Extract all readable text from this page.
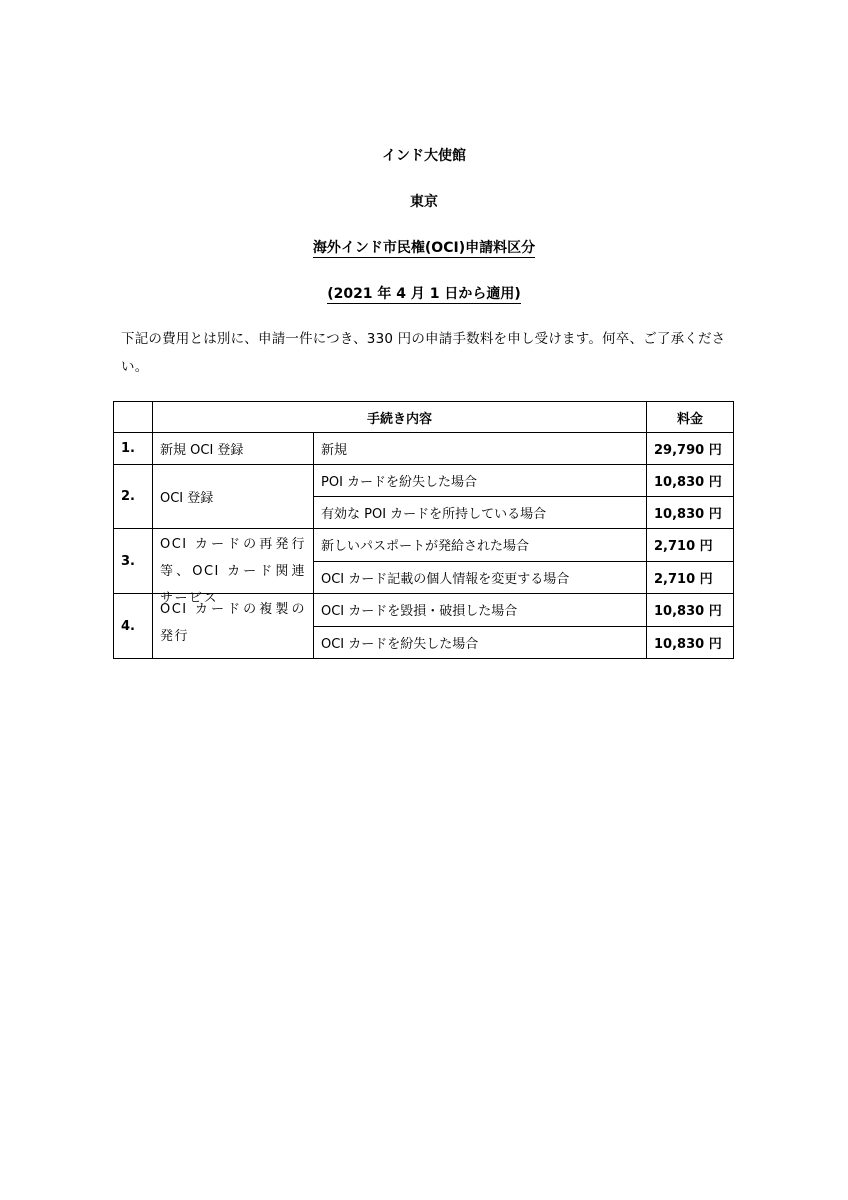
インド大使館
東京
海外インド市民権(OCI)申請料区分
(2021 年 4 月 1 日から適用)
下記の費用とは別に、申請一件につき、330 円の申請手数料を申し受けます。何卒、ご了承ください。
	手続き内容		料金
1.	新規 OCI 登録	新規	29,790 円
2.	OCI 登録	POI カードを紛失した場合	10,830 円
		有効な POI カードを所持している場合	10,830 円
3.	OCI カードの再発行等、OCI カード関連サービス	新しいパスポートが発給された場合	2,710 円
		OCI カード記載の個人情報を変更する場合	2,710 円
4.	OCI カードの複製の発行	OCI カードを毀損・破損した場合	10,830 円
		OCI カードを紛失した場合	10,830 円
